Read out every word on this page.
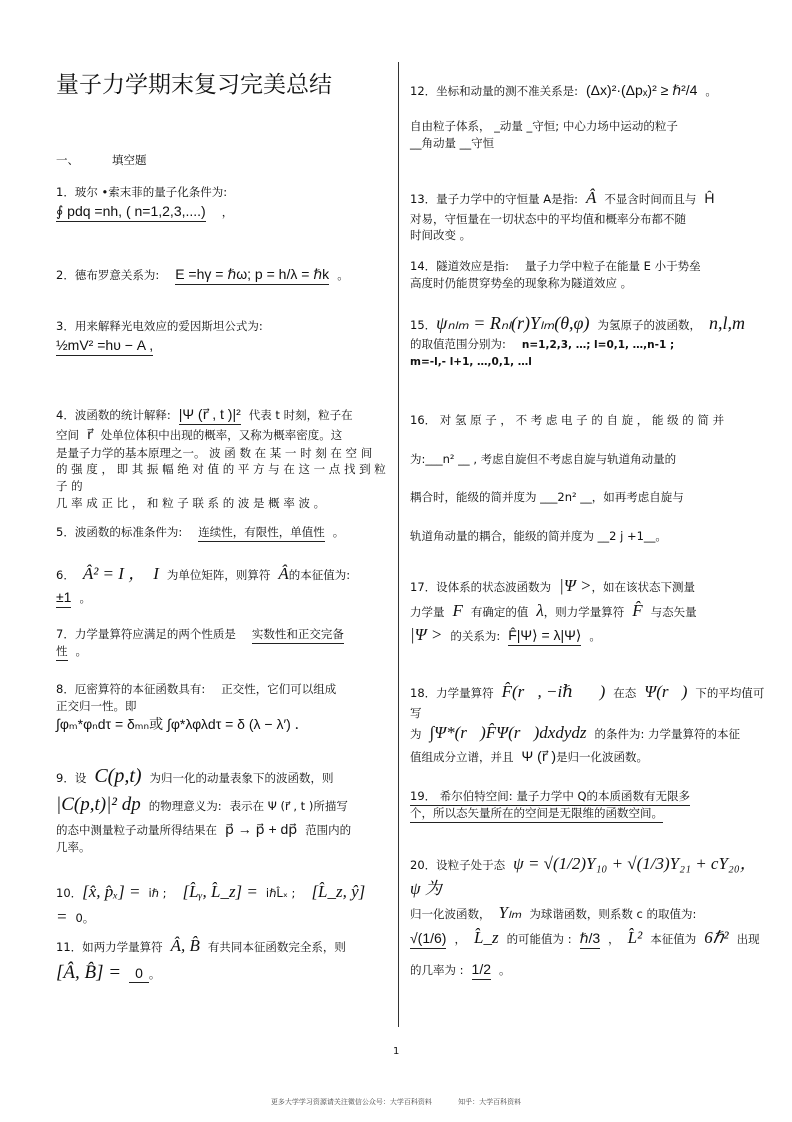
量子力学期末复习完美总结
一、	填空题
1．玻尔 •索末菲的量子化条件为:
∮ pdq =nh, ( n=1,2,3,....) ，
2．德布罗意关系为: E =hγ = ℏω; p = h/λ = ℏk 。
3．用来解释光电效应的爱因斯坦公式为:
½mV² =hυ − A ,
4．波函数的统计解释: |Ψ (r⃗ , t )|² 代表 t 时刻，粒子在
空间 r⃗ 处单位体积中出现的概率，又称为概率密度。这
是量子力学的基本原理之一。 波 函 数 在 某 一 时 刻 在 空 间
的 强 度 ， 即 其 振 幅 绝 对 值 的 平 方 与 在 这 一 点 找 到 粒 子 的
几 率 成 正 比 ， 和 粒 子 联 系 的 波 是 概 率 波 。
5．波函数的标准条件为: 连续性，有限性，单值性 。
6． Â² = I ， I 为单位矩阵，则算符 Â的本征值为:
±1 。
7．力学量算符应满足的两个性质是 实数性和正交完备
性 。
8．厄密算符的本征函数具有: 正交性，它们可以组成
正交归一性。即
∫φₘ*φₙdτ = δₘₙ或 ∫φ*λφλdτ = δ (λ − λ′) ．
9．设 C(p,t) 为归一化的动量表象下的波函数，则
|C(p,t)|² dp 的物理意义为: 表示在 Ψ (r⃗ , t )所描写
的态中测量粒子动量所得结果在 p⃗ → p⃗ + dp⃗ 范围内的
几率。
10．[x̂, p̂ₓ] = iℏ ; [L̂ᵧ, L̂_z] = iℏL̂ₓ ; [L̂_z, ŷ] = 0。
11．如两力学量算符 Â, B̂ 有共同本征函数完全系，则
[Â, B̂] = 0 。
12．坐标和动量的测不准关系是: (Δx)²·(Δpₓ)² ≥ ℏ²/4 。
自由粒子体系， _动量 _守恒; 中心力场中运动的粒子
__角动量 __守恒
13．量子力学中的守恒量 A是指: Â 不显含时间而且与 Ĥ
对易，守恒量在一切状态中的平均值和概率分布都不随
时间改变 。
14．隧道效应是指: 量子力学中粒子在能量 E 小于势垒
高度时仍能贯穿势垒的现象称为隧道效应 。
15．ψₙₗₘ = Rₙₗ(r)Yₗₘ(θ,φ) 为氢原子的波函数， n,l,m
的取值范围分别为: n=1,2,3, …; l=0,1, …,n-1 ;
m=-l,- l+1, …,0,1, …l
16． 对 氢 原 子 ， 不 考 虑 电 子 的 自 旋 ， 能 级 的 简 并
为:___n² __ , 考虑自旋但不考虑自旋与轨道角动量的
耦合时，能级的简并度为 ___2n² __，如再考虑自旋与
轨道角动量的耦合，能级的简并度为 __2 j +1__。
17．设体系的状态波函数为 |Ψ >，如在该状态下测量
力学量 F 有确定的值 λ，则力学量算符 F̂ 与态矢量
|Ψ > 的关系为: F̂|Ψ⟩ = λ|Ψ⟩ 。
18．力学量算符 F̂(r⃗, −iℏ∇⃗) 在态 Ψ(r⃗) 下的平均值可写
为 ∫Ψ*(r⃗)F̂Ψ(r⃗)dxdydz 的条件为: 力学量算符的本征
值组成分立谱，并且 Ψ (r⃗ )是归一化波函数。
19． 希尔伯特空间: 量子力学中 Q的本质函数有无限多
个，所以态矢量所在的空间是无限维的函数空间。
20．设粒子处于态 ψ = √(1/2)Y₁₀ + √(1/3)Y₂₁ + cY₂₀，ψ 为
归一化波函数， Yₗₘ 为球谐函数，则系数 c 的取值为:
√(1/6) ， L̂_z 的可能值为 : ℏ/3 ， L̂² 本征值为 6ℏ² 出现
的几率为 : 1/2 。
1
更多大学学习资源请关注微信公众号：大学百科资料	知乎：大学百科资料
